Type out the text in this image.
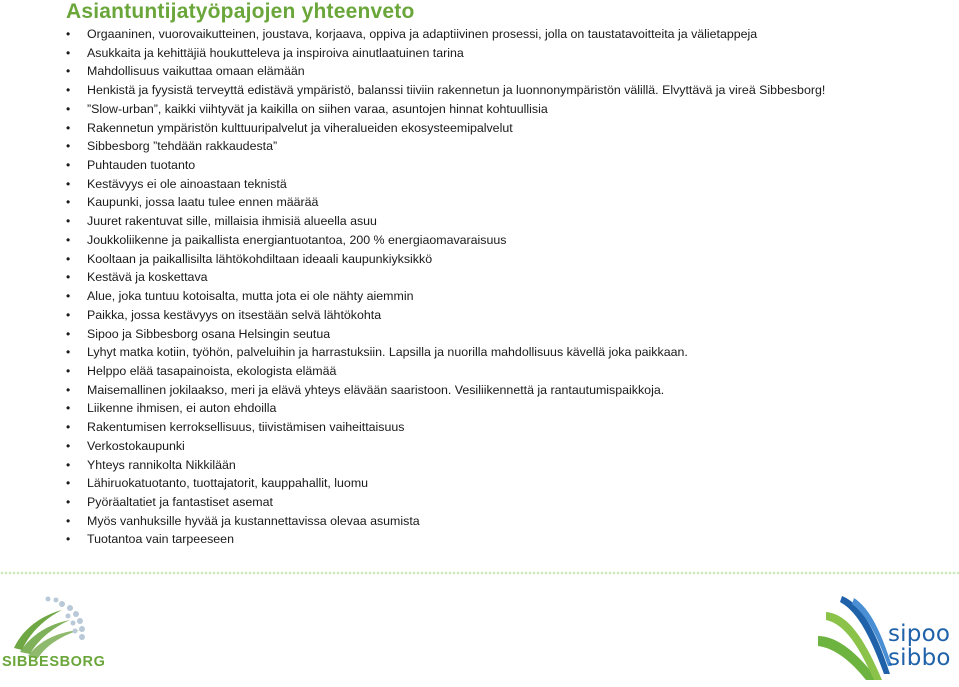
Asiantuntijatyöpajojen yhteenveto
• Orgaaninen, vuorovaikutteinen, joustava, korjaava, oppiva ja adaptiivinen prosessi, jolla on taustatavoitteita ja välietappeja
• Asukkaita ja kehittäjiä houkutteleva ja inspiroiva ainutlaatuinen tarina
• Mahdollisuus vaikuttaa omaan elämään
• Henkistä ja fyysistä terveyttä edistävä ympäristö, balanssi tiiviin rakennetun ja luonnonympäristön välillä. Elvyttävä ja vireä Sibbesborg!
• ”Slow-urban”, kaikki viihtyvät ja kaikilla on siihen varaa, asuntojen hinnat kohtuullisia
• Rakennetun ympäristön kulttuuripalvelut ja viheralueiden ekosysteemipalvelut
• Sibbesborg ”tehdään rakkaudesta”
• Puhtauden tuotanto
• Kestävyys ei ole ainoastaan teknistä
• Kaupunki, jossa laatu tulee ennen määrää
• Juuret rakentuvat sille, millaisia ihmisiä alueella asuu
• Joukkoliikenne ja paikallista energiantuotantoa, 200 % energiaomavaraisuus
• Kooltaan ja paikallisilta lähtökohdiltaan ideaali kaupunkiyksikkö
• Kestävä ja koskettava
• Alue, joka tuntuu kotoisalta, mutta jota ei ole nähty aiemmin
• Paikka, jossa kestävyys on itsestään selvä lähtökohta
• Sipoo ja Sibbesborg osana Helsingin seutua
• Lyhyt matka kotiin, työhön, palveluihin ja harrastuksiin. Lapsilla ja nuorilla mahdollisuus kävellä joka paikkaan.
• Helppo elää tasapainoista, ekologista elämää
• Maisemallinen jokilaakso, meri ja elävä yhteys elävään saaristoon. Vesiliikennettä ja rantautumispaikkoja.
• Liikenne ihmisen, ei auton ehdoilla
• Rakentumisen kerroksellisuus, tiivistämisen vaiheittaisuus
• Verkostokaupunki
• Yhteys rannikolta Nikkilään
• Lähiruokatuotanto, tuottajatorit, kauppahallit, luomu
• Pyöräaltatiet ja fantastiset asemat
• Myös vanhuksille hyvää ja kustannettavissa olevaa asumista
• Tuotantoa vain tarpeeseen
SIBBESBORG
sipoo
sibbo
